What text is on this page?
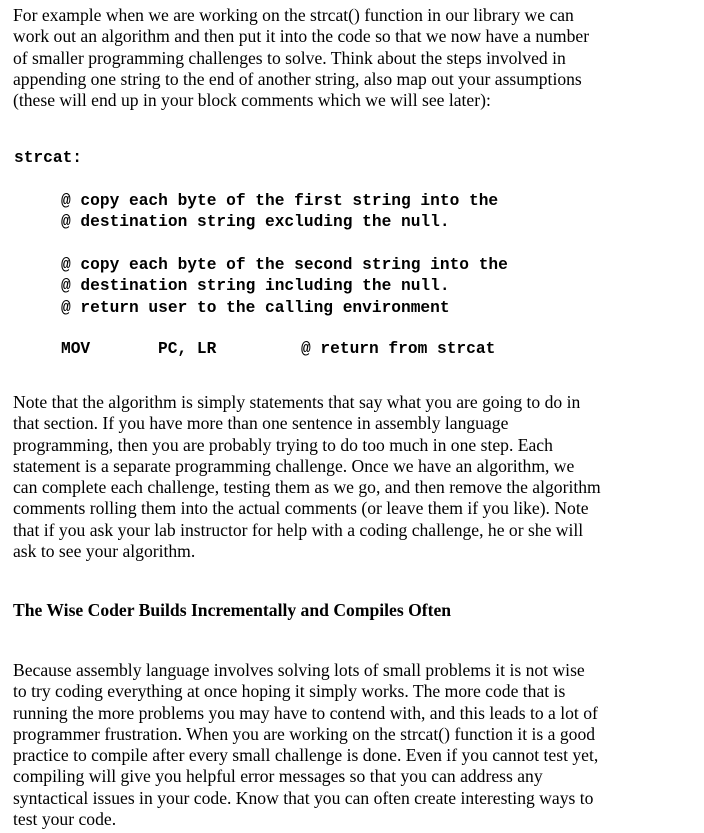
For example when we are working on the strcat() function in our library we can
work out an algorithm and then put it into the code so that we now have a number
of smaller programming challenges to solve. Think about the steps involved in
appending one string to the end of another string, also map out your assumptions
(these will end up in your block comments which we will see later):
strcat:
@ copy each byte of the first string into the
@ destination string excluding the null.
@ copy each byte of the second string into the
@ destination string including the null.
@ return user to the calling environment
MOV	PC, LR	@ return from strcat
Note that the algorithm is simply statements that say what you are going to do in
that section. If you have more than one sentence in assembly language
programming, then you are probably trying to do too much in one step. Each
statement is a separate programming challenge. Once we have an algorithm, we
can complete each challenge, testing them as we go, and then remove the algorithm
comments rolling them into the actual comments (or leave them if you like). Note
that if you ask your lab instructor for help with a coding challenge, he or she will
ask to see your algorithm.
The Wise Coder Builds Incrementally and Compiles Often
Because assembly language involves solving lots of small problems it is not wise
to try coding everything at once hoping it simply works. The more code that is
running the more problems you may have to contend with, and this leads to a lot of
programmer frustration. When you are working on the strcat() function it is a good
practice to compile after every small challenge is done. Even if you cannot test yet,
compiling will give you helpful error messages so that you can address any
syntactical issues in your code. Know that you can often create interesting ways to
test your code.
